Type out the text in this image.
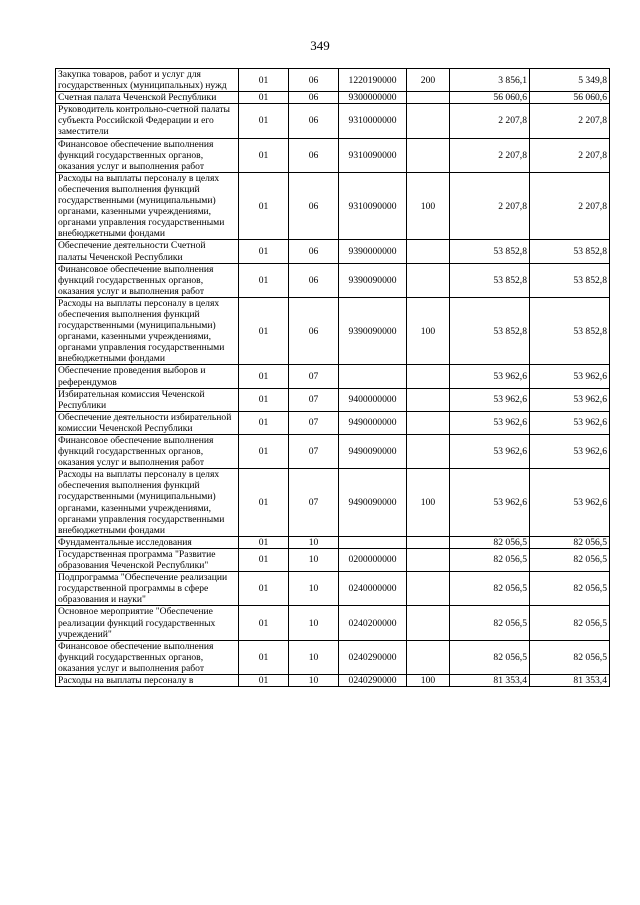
349
Закупка товаров, работ и услуг для государственных (муниципальных) нужд	01	06	1220190000	200	3 856,1	5 349,8
Счетная палата Чеченской Республики	01	06	9300000000		56 060,6	56 060,6
Руководитель контрольно-счетной палаты субъекта Российской Федерации и его заместители	01	06	9310000000		2 207,8	2 207,8
Финансовое обеспечение выполнения функций государственных органов, оказания услуг и выполнения работ	01	06	9310090000		2 207,8	2 207,8
Расходы на выплаты персоналу в целях обеспечения выполнения функций государственными (муниципальными) органами, казенными учреждениями, органами управления государственными внебюджетными фондами	01	06	9310090000	100	2 207,8	2 207,8
Обеспечение деятельности Счетной палаты Чеченской Республики	01	06	9390000000		53 852,8	53 852,8
Финансовое обеспечение выполнения функций государственных органов, оказания услуг и выполнения работ	01	06	9390090000		53 852,8	53 852,8
Расходы на выплаты персоналу в целях обеспечения выполнения функций государственными (муниципальными) органами, казенными учреждениями, органами управления государственными внебюджетными фондами	01	06	9390090000	100	53 852,8	53 852,8
Обеспечение проведения выборов и референдумов	01	07			53 962,6	53 962,6
Избирательная комиссия Чеченской Республики	01	07	9400000000		53 962,6	53 962,6
Обеспечение деятельности избирательной комиссии Чеченской Республики	01	07	9490000000		53 962,6	53 962,6
Финансовое обеспечение выполнения функций государственных органов, оказания услуг и выполнения работ	01	07	9490090000		53 962,6	53 962,6
Расходы на выплаты персоналу в целях обеспечения выполнения функций государственными (муниципальными) органами, казенными учреждениями, органами управления государственными внебюджетными фондами	01	07	9490090000	100	53 962,6	53 962,6
Фундаментальные исследования	01	10			82 056,5	82 056,5
Государственная программа "Развитие образования Чеченской Республики"	01	10	0200000000		82 056,5	82 056,5
Подпрограмма "Обеспечение реализации государственной программы в сфере образования и науки"	01	10	0240000000		82 056,5	82 056,5
Основное мероприятие "Обеспечение реализации функций государственных учреждений"	01	10	0240200000		82 056,5	82 056,5
Финансовое обеспечение выполнения функций государственных органов, оказания услуг и выполнения работ	01	10	0240290000		82 056,5	82 056,5
Расходы на выплаты персоналу в	01	10	0240290000	100	81 353,4	81 353,4
